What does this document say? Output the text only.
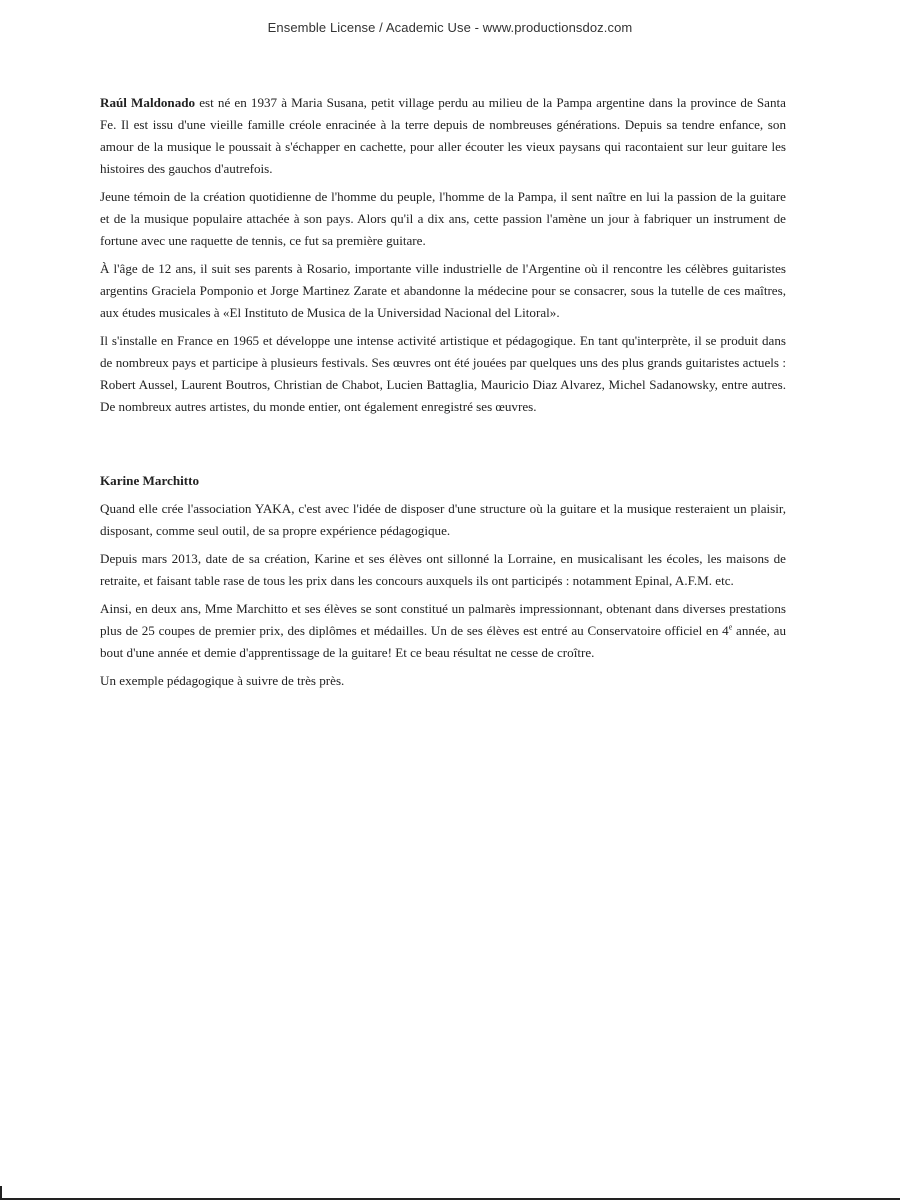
Ensemble License / Academic Use - www.productionsdoz.com

Raúl Maldonado est né en 1937 à Maria Susana, petit village perdu au milieu de la Pampa argentine dans la province de Santa Fe. Il est issu d'une vieille famille créole enracinée à la terre depuis de nombreuses générations. Depuis sa tendre enfance, son amour de la musique le poussait à s'échapper en cachette, pour aller écouter les vieux paysans qui racontaient sur leur guitare les histoires des gauchos d'autrefois.

Jeune témoin de la création quotidienne de l'homme du peuple, l'homme de la Pampa, il sent naître en lui la passion de la guitare et de la musique populaire attachée à son pays. Alors qu'il a dix ans, cette passion l'amène un jour à fabriquer un instrument de fortune avec une raquette de tennis, ce fut sa première guitare.

À l'âge de 12 ans, il suit ses parents à Rosario, importante ville industrielle de l'Argentine où il rencontre les célèbres guitaristes argentins Graciela Pomponio et Jorge Martinez Zarate et abandonne la médecine pour se consacrer, sous la tutelle de ces maîtres, aux études musicales à «El Instituto de Musica de la Universidad Nacional del Litoral».

Il s'installe en France en 1965 et développe une intense activité artistique et pédagogique. En tant qu'interprète, il se produit dans de nombreux pays et participe à plusieurs festivals. Ses œuvres ont été jouées par quelques uns des plus grands guitaristes actuels : Robert Aussel, Laurent Boutros, Christian de Chabot, Lucien Battaglia, Mauricio Diaz Alvarez, Michel Sadanowsky, entre autres. De nombreux autres artistes, du monde entier, ont également enregistré ses œuvres.

Karine Marchitto

Quand elle crée l'association YAKA, c'est avec l'idée de disposer d'une structure où la guitare et la musique resteraient un plaisir, disposant, comme seul outil, de sa propre expérience pédagogique.

Depuis mars 2013, date de sa création, Karine et ses élèves ont sillonné la Lorraine, en musicalisant les écoles, les maisons de retraite, et faisant table rase de tous les prix dans les concours auxquels ils ont participés : notamment Epinal, A.F.M. etc.

Ainsi, en deux ans, Mme Marchitto et ses élèves se sont constitué un palmarès impressionnant, obtenant dans diverses prestations plus de 25 coupes de premier prix, des diplômes et médailles. Un de ses élèves est entré au Conservatoire officiel en 4e année, au bout d'une année et demie d'apprentissage de la guitare! Et ce beau résultat ne cesse de croître.

Un exemple pédagogique à suivre de très près.
